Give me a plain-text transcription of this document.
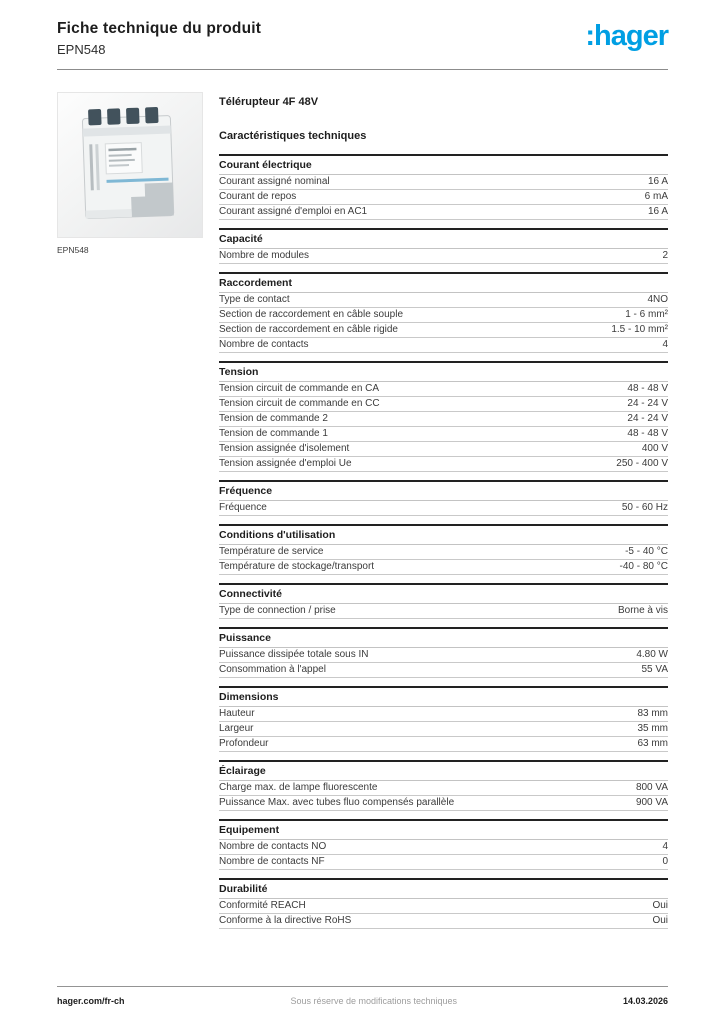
Fiche technique du produit
EPN548	:hager
EPN548
Télérupteur 4F 48V
Caractéristiques techniques
Courant électrique
Courant assigné nominal	16 A
Courant de repos	6 mA
Courant assigné d'emploi en AC1	16 A
Capacité
Nombre de modules	2
Raccordement
Type de contact	4NO
Section de raccordement en câble souple	1 - 6 mm²
Section de raccordement en câble rigide	1.5 - 10 mm²
Nombre de contacts	4
Tension
Tension circuit de commande en CA	48 - 48 V
Tension circuit de commande en CC	24 - 24 V
Tension de commande 2	24 - 24 V
Tension de commande 1	48 - 48 V
Tension assignée d'isolement	400 V
Tension assignée d'emploi Ue	250 - 400 V
Fréquence
Fréquence	50 - 60 Hz
Conditions d'utilisation
Température de service	-5 - 40 °C
Température de stockage/transport	-40 - 80 °C
Connectivité
Type de connection / prise	Borne à vis
Puissance
Puissance dissipée totale sous IN	4.80 W
Consommation à l'appel	55 VA
Dimensions
Hauteur	83 mm
Largeur	35 mm
Profondeur	63 mm
Éclairage
Charge max. de lampe fluorescente	800 VA
Puissance Max. avec tubes fluo compensés parallèle	900 VA
Equipement
Nombre de contacts NO	4
Nombre de contacts NF	0
Durabilité
Conformité REACH	Oui
Conforme à la directive RoHS	Oui
hager.com/fr-ch	Sous réserve de modifications techniques	14.03.2026
